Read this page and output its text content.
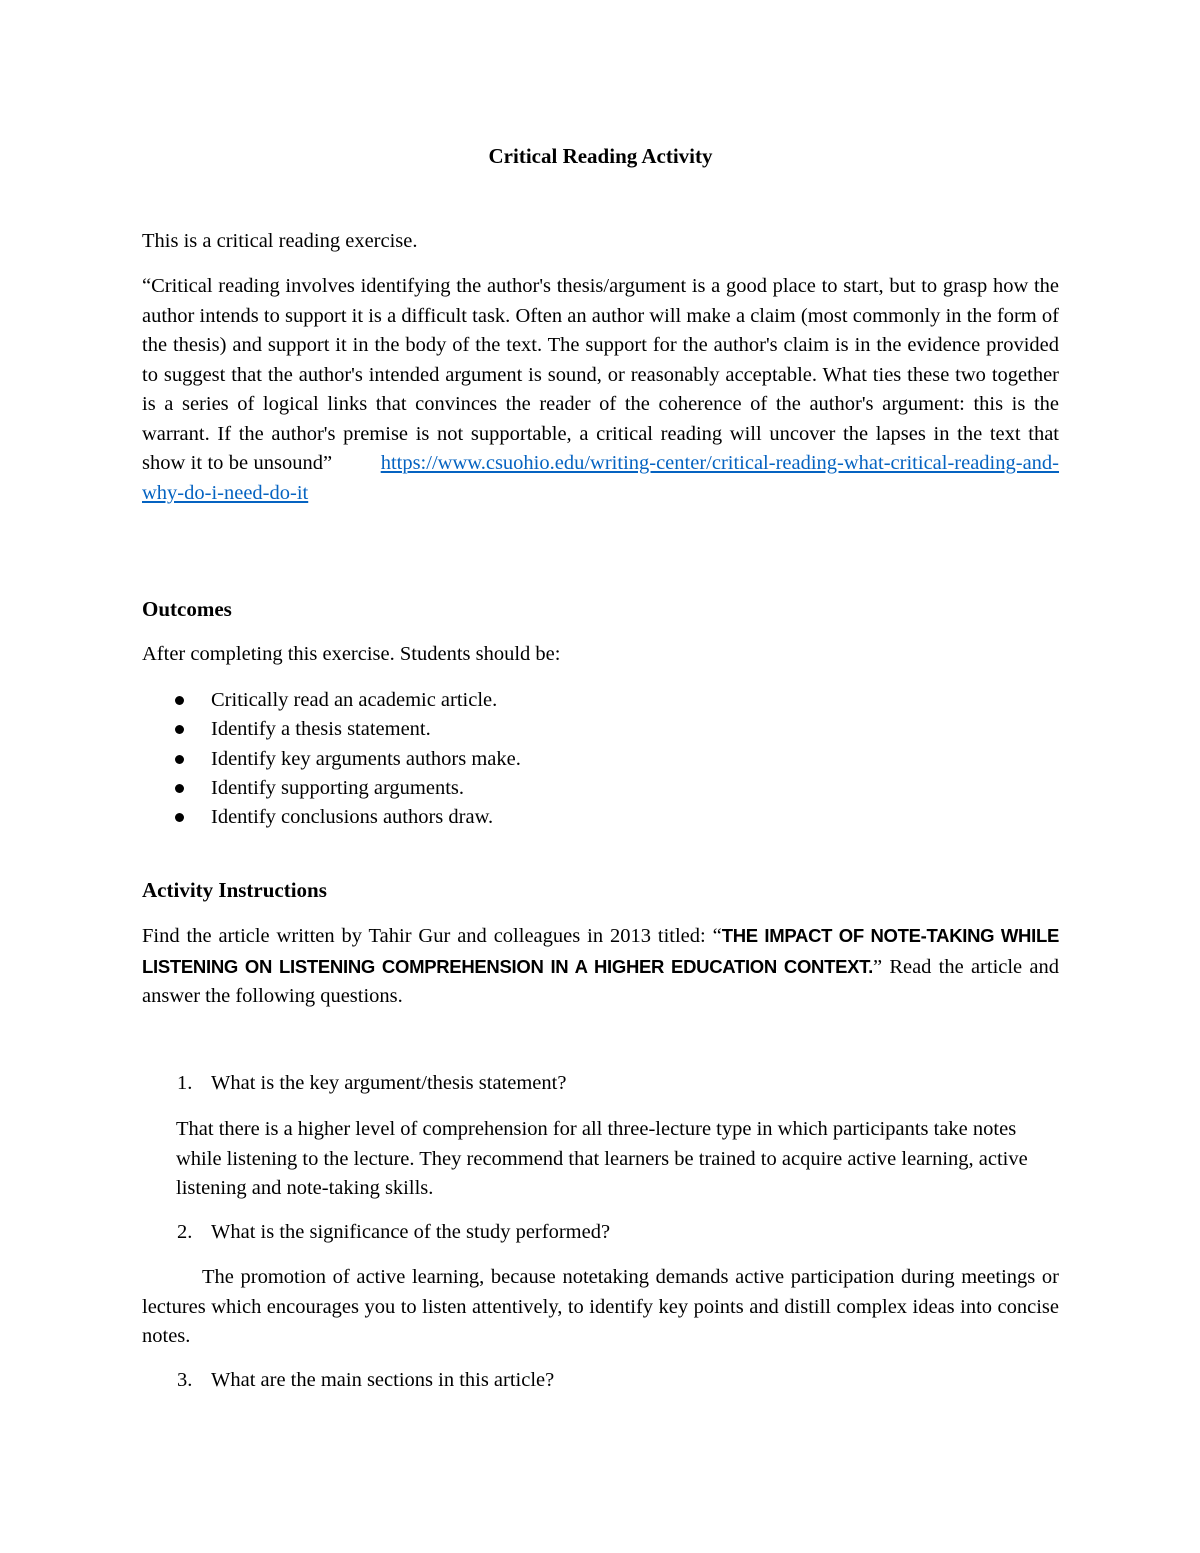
Critical Reading Activity

This is a critical reading exercise.

“Critical reading involves identifying the author's thesis/argument is a good place to start, but to grasp how the author intends to support it is a difficult task. Often an author will make a claim (most commonly in the form of the thesis) and support it in the body of the text. The support for the author's claim is in the evidence provided to suggest that the author's intended argument is sound, or reasonably acceptable. What ties these two together is a series of logical links that convinces the reader of the coherence of the author's argument: this is the warrant. If the author's premise is not supportable, a critical reading will uncover the lapses in the text that show it to be unsound” https://www.csuohio.edu/writing-center/critical-reading-what-critical-reading-and-why-do-i-need-do-it

Outcomes

After completing this exercise. Students should be:

Critically read an academic article.
Identify a thesis statement.
Identify key arguments authors make.
Identify supporting arguments.
Identify conclusions authors draw.

Activity Instructions

Find the article written by Tahir Gur and colleagues in 2013 titled: “THE IMPACT OF NOTE-TAKING WHILE LISTENING ON LISTENING COMPREHENSION IN A HIGHER EDUCATION CONTEXT.” Read the article and answer the following questions.

1. What is the key argument/thesis statement?

That there is a higher level of comprehension for all three-lecture type in which participants take notes while listening to the lecture. They recommend that learners be trained to acquire active learning, active listening and note-taking skills.

2. What is the significance of the study performed?

The promotion of active learning, because notetaking demands active participation during meetings or lectures which encourages you to listen attentively, to identify key points and distill complex ideas into concise notes.

3. What are the main sections in this article?
